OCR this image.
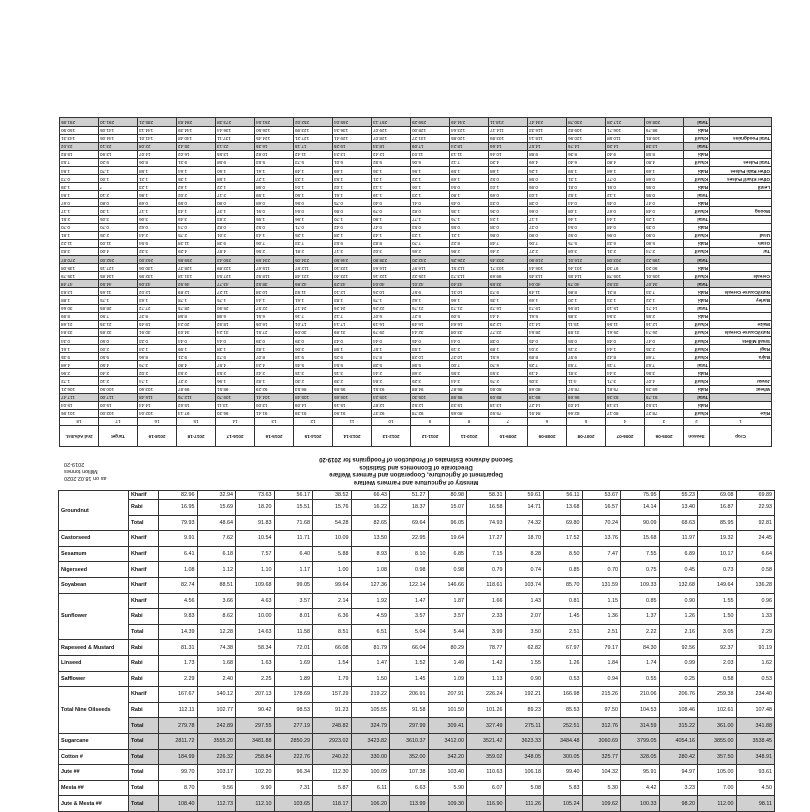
Ministry of Agriculture and Farmers Welfare
Department of Agriculture, Cooperation and Farmers Welfare
Directorate of Economics and Statistics
Second Advance Estimates of Production of Foodgrains for 2019-20
as on 18.02.2020
Million tonnes
2019-20
Crop	Season	2005-06	2006-07	2007-08	2008-09	2009-10	2010-11	2011-12	2012-13	2013-14	2014-15	2015-16	2016-17	2017-18	2018-19	Target	2nd Adv.Est.
1	2	3	4	5	6	7	8	9	10	11	12	13	14	15	16	17	18
Rice	Kharif	78.27	80.17	82.66	84.91	75.92	80.65	92.78	92.37	91.50	91.39	91.41	96.30	97.14	102.04	102.00	101.95
	Rabi	13.52	13.18	14.03	14.27	13.18	15.33	12.52	12.87	15.15	14.09	13.00	13.11	15.62	14.44	15.00	15.04
	Total	91.79	93.36	96.69	99.18	89.09	95.98	105.30	105.24	106.65	105.48	104.41	109.70	112.76	116.48	117.00	117.47
Wheat	Rabi	69.35	75.81	78.57	80.68	80.80	86.87	94.88	93.51	95.85	86.53	92.29	98.51	99.87	103.60	100.50	106.21
Jowar	Kharif	4.07	3.71	4.11	3.05	2.76	3.44	3.29	2.84	2.39	2.30	1.82	1.96	2.27	1.74	2.10	1.72
	Rabi	3.56	3.44	3.81	4.19	3.93	3.55	2.68	2.44	3.15	3.15	2.42	2.53	2.53	2.02	2.40	2.96
	Total	7.63	7.15	7.93	7.25	6.70	7.00	5.98	5.28	5.54	5.45	4.24	4.57	4.80	3.76	4.50	4.68
Bajra	Kharif	7.68	8.42	9.97	8.89	6.51	10.37	10.28	8.74	9.25	9.18	8.07	9.73	9.21	8.66	9.50	9.35
Ragi	Kharif	2.35	1.44	2.15	2.04	1.89	2.19	1.93	1.57	1.98	2.06	1.82	1.38	1.99	1.24	2.00	1.61
Small Millets	Kharif	0.47	0.48	0.55	0.45	0.38	0.44	0.45	0.44	0.43	0.39	0.39	0.44	0.44	0.33	0.50	0.34
Nutri/Coarse Cereals	Kharif	26.74	25.61	31.89	28.54	23.77	33.08	32.44	29.79	31.89	30.09	27.51	31.24	34.03	30.91	32.85	33.84
Maize	Kharif	12.16	11.56	15.11	14.12	12.29	16.64	16.49	16.19	17.14	17.01	16.05	18.92	20.24	19.45	21.35	21.68
	Rabi	2.55	3.54	3.85	5.61	4.44	5.09	5.27	6.07	7.12	7.16	6.51	6.98	8.58	8.37	7.50	8.99
	Total	14.71	15.10	18.96	19.73	16.72	21.73	21.76	22.26	24.26	24.17	22.57	25.90	28.75	27.72	28.85	30.66
Barley	Rabi	1.22	1.33	1.20	1.69	1.35	1.66	1.62	1.75	1.83	1.61	1.44	1.75	1.78	1.63	1.75	1.88
Nutri/Coarse Cereals	Rabi	7.33	8.31	8.86	11.49	9.73	10.31	9.57	10.26	12.10	11.93	10.38	11.27	12.89	12.02	11.65	13.83
	Total	34.07	33.92	40.75	40.04	33.55	43.40	42.01	40.04	43.29	42.86	38.52	43.77	46.92	43.06	44.50	47.48
Cereals	Kharif	105.01	105.78	114.55	113.45	99.69	113.73	125.22	122.16	123.40	121.48	118.92	127.54	131.18	132.95	134.85	135.79
	Rabi	90.20	97.30	101.46	106.44	103.71	112.51	116.97	116.64	123.10	112.57	115.67	122.89	128.37	130.06	127.15	135.08
	Total	195.22	203.08	216.01	219.90	203.45	226.25	242.20	238.80	246.50	234.05	234.59	250.43	259.55	263.00	262.00	270.87
Tur	Kharif	2.74	2.31	3.08	2.27	2.46	2.86	2.65	3.02	3.17	2.81	2.56	4.87	4.29	3.32	4.00	3.83
Gram	Rabi	5.60	6.33	5.75	7.06	7.48	8.22	7.70	8.83	9.53	7.33	7.06	9.38	11.38	9.94	11.00	11.22
Urad	Kharif	0.90	0.96	0.92	0.80	0.86	1.21	1.23	1.43	1.28	1.25	1.43	2.01	2.75	2.44	2.35	1.81
	Rabi	0.35	0.48	0.54	0.37	0.38	0.55	0.53	0.47	0.42	0.71	0.52	0.82	0.74	0.62	0.70	0.70
	Total	1.25	1.44	1.46	1.17	1.24	1.76	1.77	1.90	1.70	1.96	1.95	2.83	3.49	3.06	3.05	2.51
Moong	Kharif	0.48	0.67	1.08	0.66	0.36	1.35	0.82	0.79	0.86	0.94	0.91	1.37	1.43	1.17	1.30	1.17
	Rabi	0.47	0.45	0.44	0.38	0.33	0.45	0.41	0.40	0.75	0.56	0.68	0.80	0.59	0.69	0.80	0.67
	Total	0.95	1.12	1.52	1.03	0.69	1.80	1.23	1.19	1.61	1.50	1.59	2.17	2.02	1.86	2.10	1.84
Lentil	Rabi	0.95	0.91	0.81	0.95	1.03	0.94	1.06	1.13	1.02	1.04	0.98	1.22	1.62	1.23	*	1.39
Other Kharif Pulses	Kharif	0.68	0.77	1.31	0.98	0.52	1.69	1.22	1.21	1.53	1.23	1.27	1.58	1.35	1.21	1.00	0.73
Other Rabi Pulses	Rabi	1.69	1.68	1.59	1.26	1.68	1.59	1.56	1.36	1.69	1.49	1.61	1.60	1.64	1.58	1.70	1.84
Total Pulses	Kharif	4.80	4.80	6.40	4.69	4.20	7.12	6.06	5.92	6.01	5.73	5.53	9.58	9.31	8.06	9.20	7.53
	Rabi	8.58	9.40	8.36	9.88	10.46	11.13	11.03	12.42	13.24	11.42	10.82	13.55	16.02	14.07	13.90	15.82
	Total	13.38	14.20	14.76	14.57	14.66	18.24	17.09	18.34	19.25	17.15	16.35	23.13	25.42	22.08	23.10	23.02
Total Foodgrains	Kharif	109.81	110.58	120.96	118.14	103.89	120.85	131.27	128.07	129.41	127.21	124.45	137.11	140.48	141.01	144.05	143.31
	Rabi	98.79	106.71	109.82	116.33	114.17	123.64	128.00	129.07	136.34	123.99	126.50	136.44	144.39	144.13	141.05	150.90
	Total	208.60	217.28	230.78	234.47	218.11	244.49	259.29	257.13	265.04	252.02	251.54	273.38	284.83	285.21	291.10	291.95
Groundnut	Kharif	82.96	32.94	73.63	56.17	38.52	66.43	51.27	80.98	58.31	59.61	56.11	53.67	75.95	55.23	69.08	69.89
	Rabi	16.95	15.69	18.20	15.51	15.76	16.22	18.37	15.07	16.58	14.71	13.68	16.57	14.14	13.40	16.87	22.93
	Total	79.93	48.64	91.83	71.68	54.28	82.65	69.64	96.05	74.93	74.32	69.80	70.24	90.09	68.63	85.95	92.81
Castorseed	Kharif	9.91	7.62	10.54	11.71	10.09	13.50	22.95	19.64	17.27	18.70	17.52	13.76	15.68	11.97	19.32	24.45
Sesamum	Kharif	6.41	6.18	7.57	6.40	5.88	8.93	8.10	6.85	7.15	8.28	8.50	7.47	7.55	6.89	10.17	6.64
Nigerseed	Kharif	1.08	1.12	1.10	1.17	1.00	1.08	0.98	0.98	0.79	0.74	0.85	0.70	0.75	0.45	0.73	0.58
Soyabean	Kharif	82.74	88.51	109.68	99.05	99.64	127.36	122.14	146.66	118.61	103.74	85.70	131.59	109.33	132.68	149.64	136.28
Sunflower	Kharif	4.56	3.66	4.63	3.57	2.14	1.92	1.47	1.87	1.66	1.43	0.81	1.15	0.85	0.90	1.55	0.96
	Rabi	9.83	8.62	10.00	8.01	6.36	4.59	3.57	3.57	2.33	2.07	1.45	1.36	1.37	1.26	1.50	1.33
	Total	14.39	12.28	14.63	11.58	8.51	6.51	5.04	5.44	3.99	3.50	2.51	2.51	2.22	2.16	3.05	2.29
Rapeseed & Mustard	Rabi	81.31	74.38	58.34	72.01	66.08	81.79	66.04	80.29	78.77	62.82	67.97	79.17	84.30	92.56	92.37	91.19
Linseed	Rabi	1.73	1.68	1.63	1.69	1.54	1.47	1.52	1.49	1.42	1.55	1.26	1.84	1.74	0.99	2.03	1.62
Safflower	Rabi	2.29	2.40	2.25	1.89	1.79	1.50	1.45	1.09	1.13	0.90	0.53	0.94	0.55	0.25	0.58	0.53
Total Nine Oilseeds	Kharif	167.67	140.12	207.13	178.69	157.29	219.22	206.91	207.91	226.24	192.21	166.98	215.26	210.06	206.76	259.38	234.40
	Rabi	112.11	102.77	90.42	98.53	91.23	105.55	91.58	101.50	101.26	89.23	85.53	97.50	104.53	108.46	102.61	107.48
	Total	279.78	242.89	297.55	277.19	248.82	324.79	297.99	309.41	327.49	275.11	252.51	312.76	314.59	315.22	361.00	341.88
Sugarcane	Total	2811.72	3555.20	3481.88	2850.29	2923.02	3423.82	3610.37	3412.00	3521.42	3623.33	3484.48	3060.69	3799.05	4054.16	3855.00	3538.45
Cotton #	Total	184.99	226.32	258.84	222.76	240.22	330.00	352.00	342.20	359.02	348.05	300.05	325.77	328.05	280.42	357.50	348.91
Jute ##	Total	99.70	103.17	102.20	96.34	112.30	100.09	107.38	103.40	110.63	106.18	99.40	104.32	95.91	94.97	105.00	93.61
Mesta ##	Total	8.70	9.56	9.90	7.31	5.87	6.11	6.63	5.90	6.07	5.08	5.83	5.30	4.42	3.23	7.00	4.50
Jute & Mesta ##	Total	108.40	112.73	112.10	103.65	118.17	106.20	113.99	109.30	116.90	111.26	105.24	109.62	100.33	98.20	112.00	98.11
